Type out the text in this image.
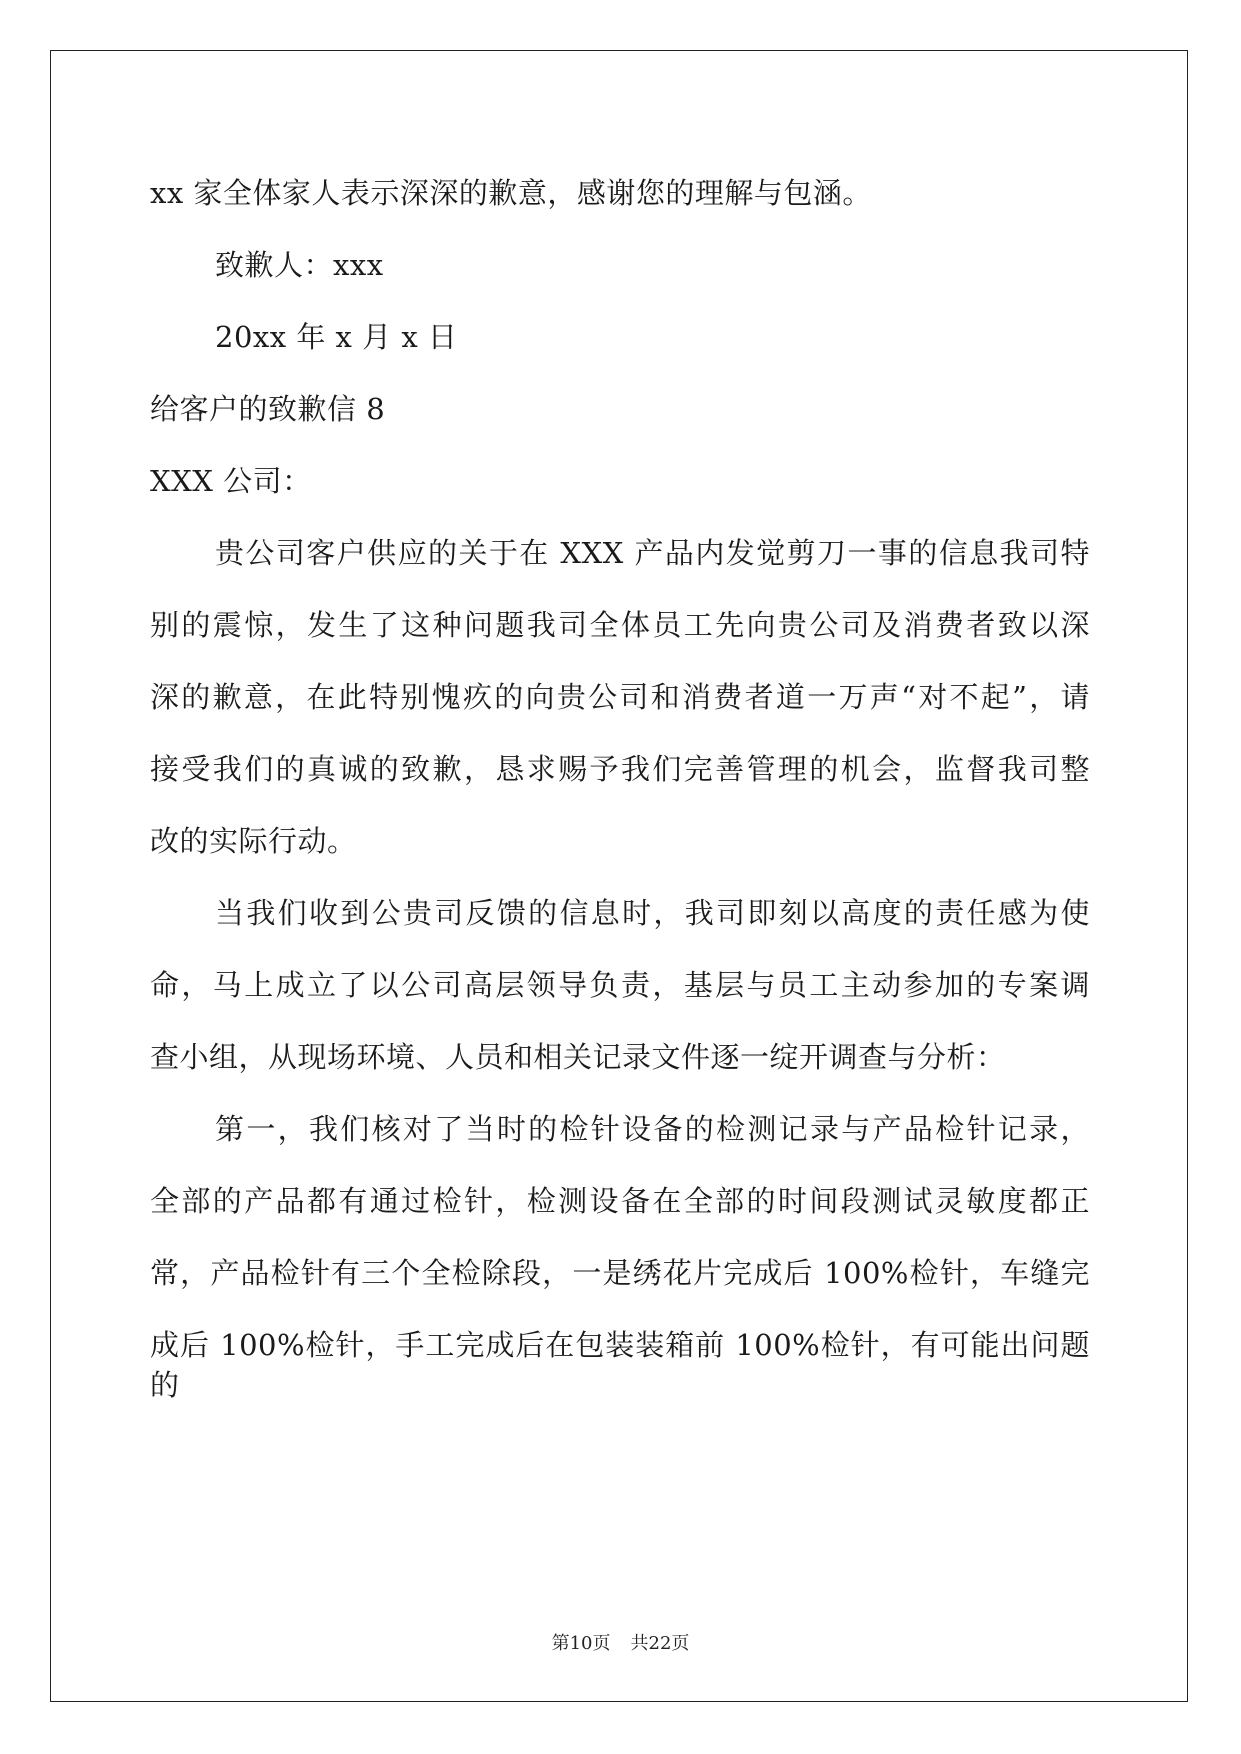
xx 家全体家人表示深深的歉意，感谢您的理解与包涵。
致歉人：xxx
20xx 年 x 月 x 日
给客户的致歉信 8
XXX 公司：
贵公司客户供应的关于在 XXX 产品内发觉剪刀一事的信息我司特
别的震惊，发生了这种问题我司全体员工先向贵公司及消费者致以深
深的歉意，在此特别愧疚的向贵公司和消费者道一万声“对不起”，请
接受我们的真诚的致歉，恳求赐予我们完善管理的机会，监督我司整
改的实际行动。
当我们收到公贵司反馈的信息时，我司即刻以高度的责任感为使
命，马上成立了以公司高层领导负责，基层与员工主动参加的专案调
查小组，从现场环境、人员和相关记录文件逐一绽开调查与分析：
第一，我们核对了当时的检针设备的检测记录与产品检针记录，
全部的产品都有通过检针，检测设备在全部的时间段测试灵敏度都正
常，产品检针有三个全检除段，一是绣花片完成后 100%检针，车缝完
成后 100%检针，手工完成后在包装装箱前 100%检针，有可能出问题的
第10页 共22页
